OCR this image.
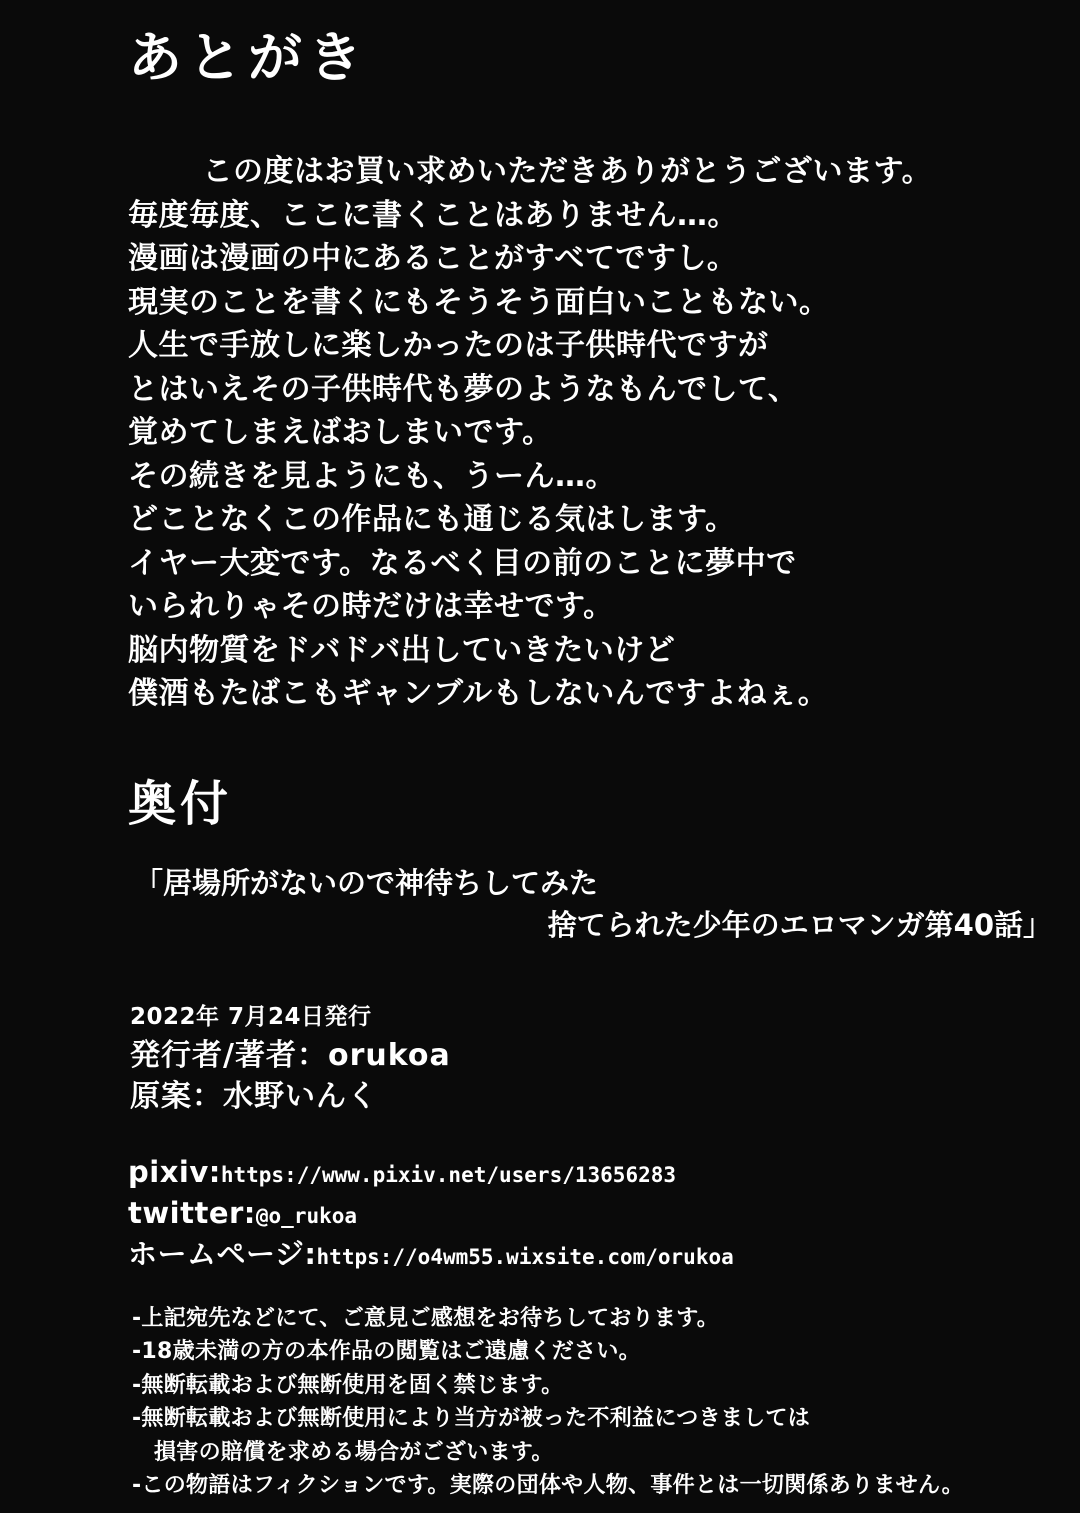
あとがき
　この度はお買い求めいただきありがとうございます。
毎度毎度、ここに書くことはありません…。
漫画は漫画の中にあることがすべてですし。
現実のことを書くにもそうそう面白いこともない。
人生で手放しに楽しかったのは子供時代ですが
とはいえその子供時代も夢のようなもんでして、
覚めてしまえばおしまいです。
その続きを見ようにも、うーん…。
どことなくこの作品にも通じる気はします。
イヤー大変です。なるべく目の前のことに夢中で
いられりゃその時だけは幸せです。
脳内物質をドバドバ出していきたいけど
僕酒もたばこもギャンブルもしないんですよねぇ。
奥付
「居場所がないので神待ちしてみた
捨てられた少年のエロマンガ第40話」
2022年 7月24日発行
発行者/著者：orukoa
原案：水野いんく
pixiv:https://www.pixiv.net/users/13656283
twitter:@o_rukoa
ホームページ:https://o4wm55.wixsite.com/orukoa
-上記宛先などにて、ご意見ご感想をお待ちしております。
-18歳未満の方の本作品の閲覧はご遠慮ください。
-無断転載および無断使用を固く禁じます。
-無断転載および無断使用により当方が被った不利益につきましては
損害の賠償を求める場合がございます。
-この物語はフィクションです。実際の団体や人物、事件とは一切関係ありません。
